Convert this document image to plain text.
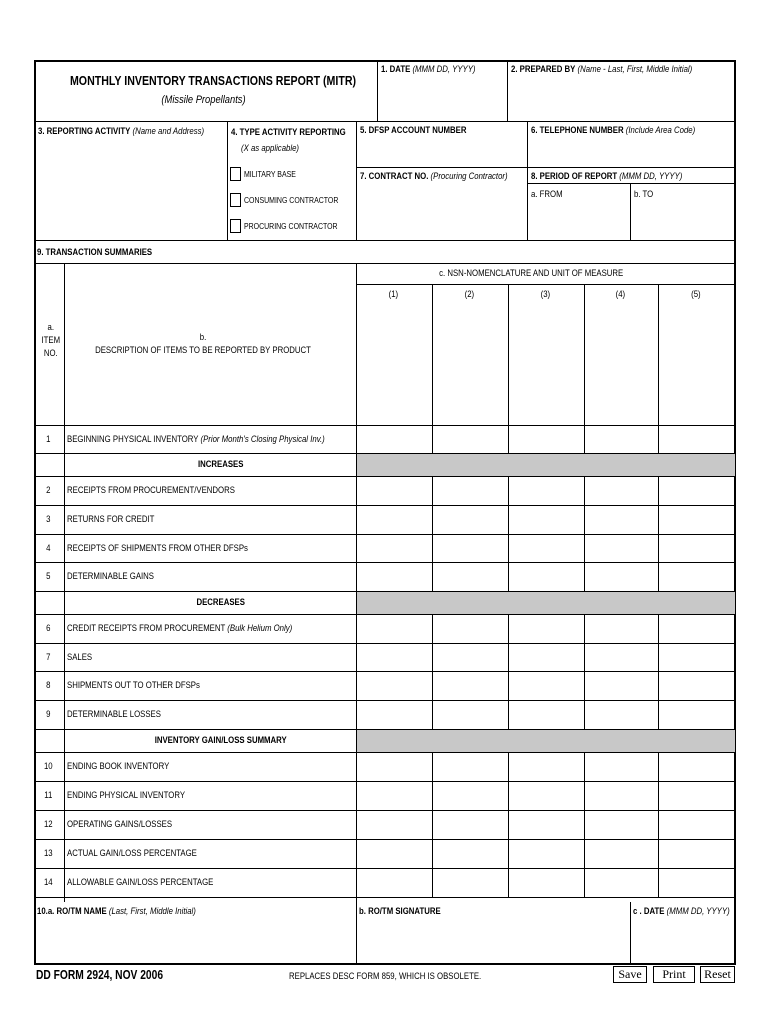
MONTHLY INVENTORY TRANSACTIONS REPORT (MITR)
(Missile Propellants)
1. DATE (MMM DD, YYYY)	2. PREPARED BY (Name - Last, First, Middle Initial)
3. REPORTING ACTIVITY (Name and Address)	4. TYPE ACTIVITY REPORTING
(X as applicable)
MILITARY BASE
CONSUMING CONTRACTOR
PROCURING CONTRACTOR
5. DFSP ACCOUNT NUMBER	6. TELEPHONE NUMBER (Include Area Code)
7. CONTRACT NO. (Procuring Contractor) 8. PERIOD OF REPORT (MMM DD, YYYY)
a. FROM	b. TO
9. TRANSACTION SUMMARIES
c. NSN-NOMENCLATURE AND UNIT OF MEASURE
a.
ITEM
NO.
b.
DESCRIPTION OF ITEMS TO BE REPORTED BY PRODUCT
(1)	(2)	(3)	(4)	(5)
1	BEGINNING PHYSICAL INVENTORY (Prior Month's Closing Physical Inv.)
INCREASES
2	RECEIPTS FROM PROCUREMENT/VENDORS
3	RETURNS FOR CREDIT
4	RECEIPTS OF SHIPMENTS FROM OTHER DFSPs
5	DETERMINABLE GAINS
DECREASES
6	CREDIT RECEIPTS FROM PROCUREMENT (Bulk Helium Only)
7	SALES
8	SHIPMENTS OUT TO OTHER DFSPs
9	DETERMINABLE LOSSES
INVENTORY GAIN/LOSS SUMMARY
10	ENDING BOOK INVENTORY
11	ENDING PHYSICAL INVENTORY
12	OPERATING GAINS/LOSSES
13	ACTUAL GAIN/LOSS PERCENTAGE
14	ALLOWABLE GAIN/LOSS PERCENTAGE
10.a. RO/TM NAME (Last, First, Middle Initial)	b. RO/TM SIGNATURE	c . DATE (MMM DD, YYYY)
DD FORM 2924, NOV 2006	REPLACES DESC FORM 859, WHICH IS OBSOLETE.	Save	Print	Reset
